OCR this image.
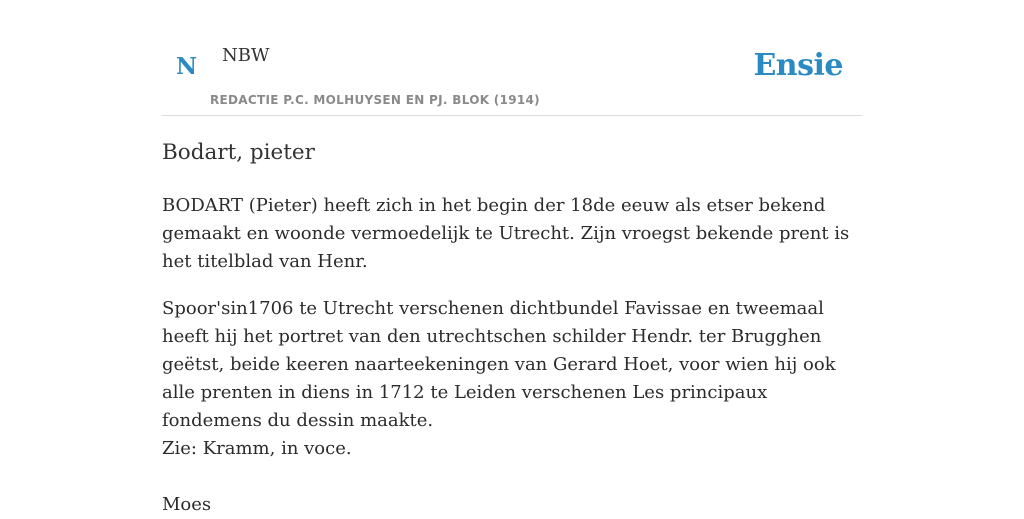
N NBW
REDACTIE P.C. MOLHUYSEN EN PJ. BLOK (1914)
Ensie
Bodart, pieter

BODART (Pieter) heeft zich in het begin der 18de eeuw als etser bekend gemaakt en woonde vermoedelijk te Utrecht. Zijn vroegst bekende prent is het titelblad van Henr.

Spoor'sin1706 te Utrecht verschenen dichtbundel Favissae en tweemaal heeft hij het portret van den utrechtschen schilder Hendr. ter Brugghen geëtst, beide keeren naarteekeningen van Gerard Hoet, voor wien hij ook alle prenten in diens in 1712 te Leiden verschenen Les principaux fondemens du dessin maakte.

Zie: Kramm, in voce.

Moes
